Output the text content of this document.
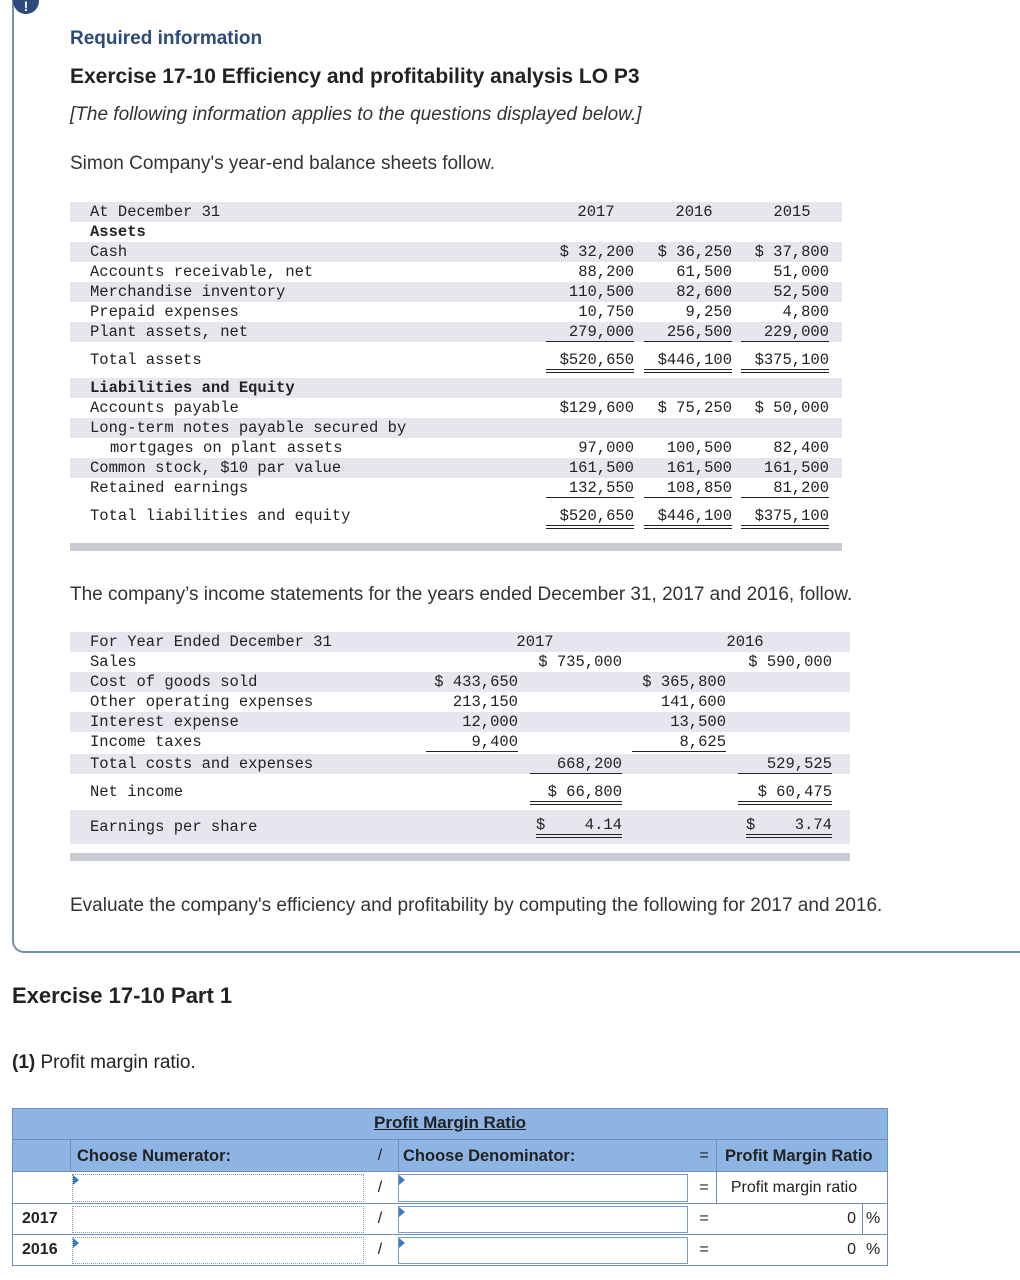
!
Required information
Exercise 17-10 Efficiency and profitability analysis LO P3
[The following information applies to the questions displayed below.]
Simon Company's year-end balance sheets follow.
At December 31	2017	2016	2015
Assets
Cash	$ 32,200	$ 36,250	$ 37,800
Accounts receivable, net	88,200	61,500	51,000
Merchandise inventory	110,500	82,600	52,500
Prepaid expenses	10,750	9,250	4,800
Plant assets, net	279,000	256,500	229,000
Total assets	$520,650	$446,100	$375,100
Liabilities and Equity
Accounts payable	$129,600	$ 75,250	$ 50,000
Long-term notes payable secured by
mortgages on plant assets	97,000	100,500	82,400
Common stock, $10 par value	161,500	161,500	161,500
Retained earnings	132,550	108,850	81,200
Total liabilities and equity	$520,650	$446,100	$375,100
The company’s income statements for the years ended December 31, 2017 and 2016, follow.
For Year Ended December 31	2017	2016
Sales	$ 735,000	$ 590,000
Cost of goods sold	$ 433,650	$ 365,800
Other operating expenses	213,150	141,600
Interest expense	12,000	13,500
Income taxes	9,400	8,625
Total costs and expenses	668,200	529,525
Net income	$ 66,800	$ 60,475
Earnings per share	$	4.14	$	3.74
Evaluate the company's efficiency and profitability by computing the following for 2017 and 2016.
Exercise 17-10 Part 1
(1) Profit margin ratio.
Profit Margin Ratio
Choose Numerator:	/	Choose Denominator:	= Profit Margin Ratio
/	=	Profit margin ratio
2017	/	=	0 %
2016	/	=	0 %
